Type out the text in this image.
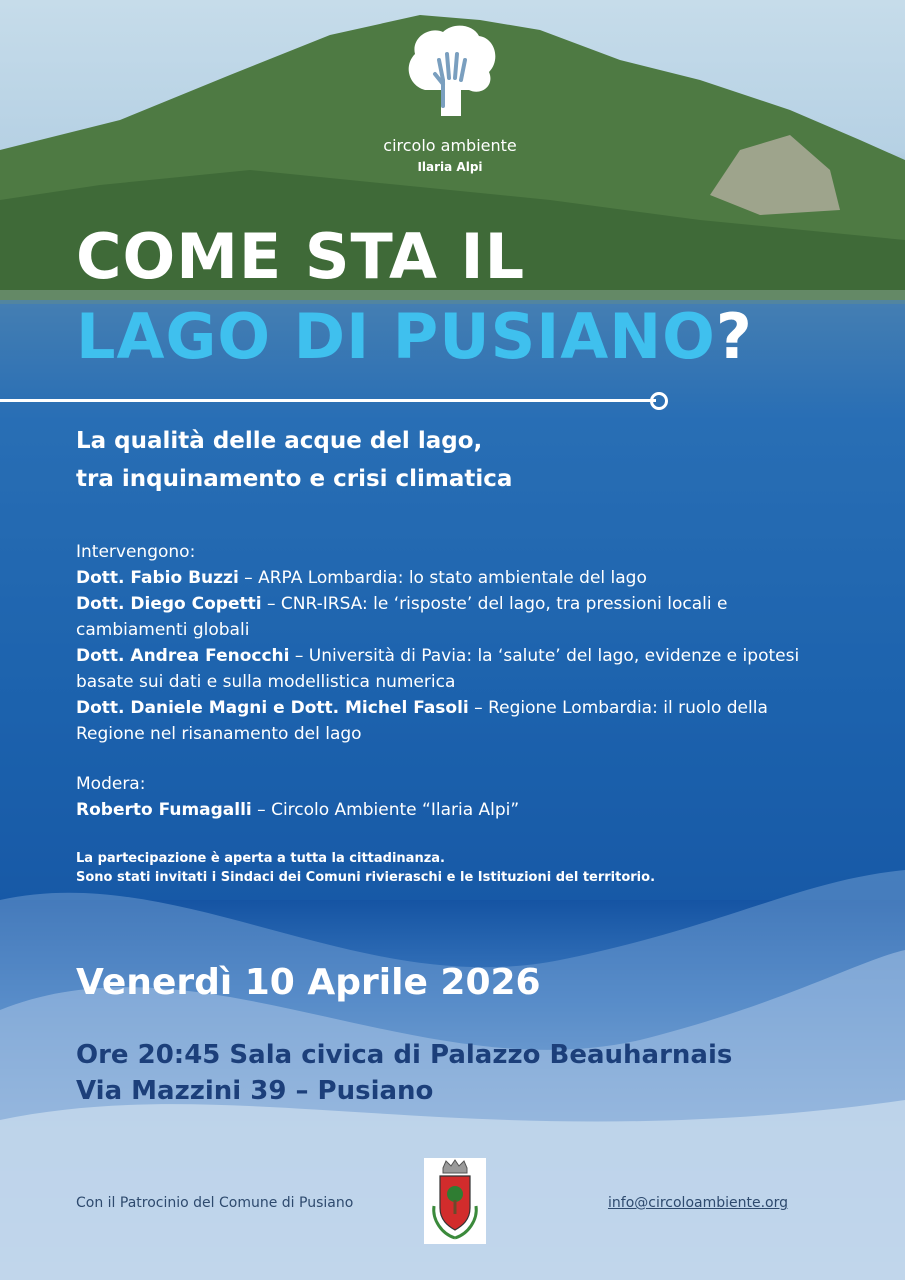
circolo ambiente
Ilaria Alpi
COME STA IL
LAGO DI PUSIANO?
La qualità delle acque del lago,
tra inquinamento e crisi climatica
Intervengono:
Dott. Fabio Buzzi – ARPA Lombardia: lo stato ambientale del lago
Dott. Diego Copetti – CNR-IRSA: le ‘risposte’ del lago, tra pressioni locali e cambiamenti globali
Dott. Andrea Fenocchi – Università di Pavia: la ‘salute’ del lago, evidenze e ipotesi basate sui dati e sulla modellistica numerica
Dott. Daniele Magni e Dott. Michel Fasoli – Regione Lombardia: il ruolo della Regione nel risanamento del lago
Modera:
Roberto Fumagalli – Circolo Ambiente “Ilaria Alpi”
La partecipazione è aperta a tutta la cittadinanza.
Sono stati invitati i Sindaci dei Comuni rivieraschi e le Istituzioni del territorio.
Venerdì 10 Aprile 2026
Ore 20:45 Sala civica di Palazzo Beauharnais
Via Mazzini 39 – Pusiano
Con il Patrocinio del Comune di Pusiano	info@circoloambiente.org
